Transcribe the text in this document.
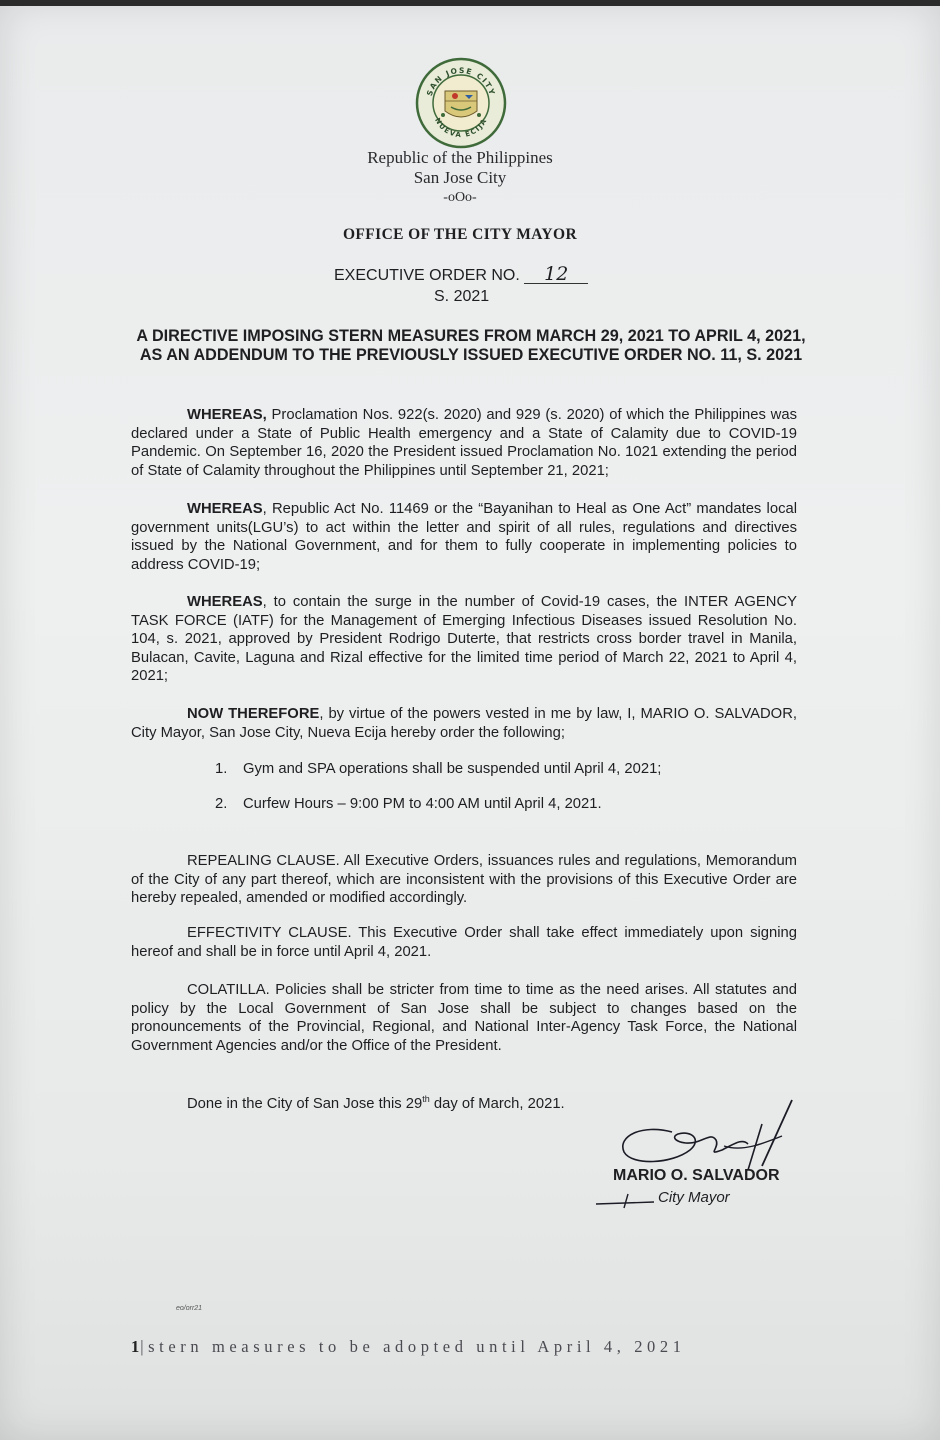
SAN JOSE CITY
NUEVA ECIJA
Republic of the Philippines
San Jose City
-oOo-
OFFICE OF THE CITY MAYOR
EXECUTIVE ORDER NO. 12
S. 2021
A DIRECTIVE IMPOSING STERN MEASURES FROM MARCH 29, 2021 TO APRIL 4, 2021, AS AN ADDENDUM TO THE PREVIOUSLY ISSUED EXECUTIVE ORDER NO. 11, S. 2021
WHEREAS, Proclamation Nos. 922(s. 2020) and 929 (s. 2020) of which the Philippines was declared under a State of Public Health emergency and a State of Calamity due to COVID-19 Pandemic. On September 16, 2020 the President issued Proclamation No. 1021 extending the period of State of Calamity throughout the Philippines until September 21, 2021;
WHEREAS, Republic Act No. 11469 or the “Bayanihan to Heal as One Act” mandates local government units(LGU’s) to act within the letter and spirit of all rules, regulations and directives issued by the National Government, and for them to fully cooperate in implementing policies to address COVID-19;
WHEREAS, to contain the surge in the number of Covid-19 cases, the INTER AGENCY TASK FORCE (IATF) for the Management of Emerging Infectious Diseases issued Resolution No. 104, s. 2021, approved by President Rodrigo Duterte, that restricts cross border travel in Manila, Bulacan, Cavite, Laguna and Rizal effective for the limited time period of March 22, 2021 to April 4, 2021;
NOW THEREFORE, by virtue of the powers vested in me by law, I, MARIO O. SALVADOR, City Mayor, San Jose City, Nueva Ecija hereby order the following;
1. Gym and SPA operations shall be suspended until April 4, 2021;
2. Curfew Hours – 9:00 PM to 4:00 AM until April 4, 2021.
REPEALING CLAUSE. All Executive Orders, issuances rules and regulations, Memorandum of the City of any part thereof, which are inconsistent with the provisions of this Executive Order are hereby repealed, amended or modified accordingly.
EFFECTIVITY CLAUSE. This Executive Order shall take effect immediately upon signing hereof and shall be in force until April 4, 2021.
COLATILLA. Policies shall be stricter from time to time as the need arises. All statutes and policy by the Local Government of San Jose shall be subject to changes based on the pronouncements of the Provincial, Regional, and National Inter-Agency Task Force, the National Government Agencies and/or the Office of the President.
Done in the City of San Jose this 29th day of March, 2021.
MARIO O. SALVADOR
City Mayor
eo/orr21
1|stern measures to be adopted until April 4, 2021
